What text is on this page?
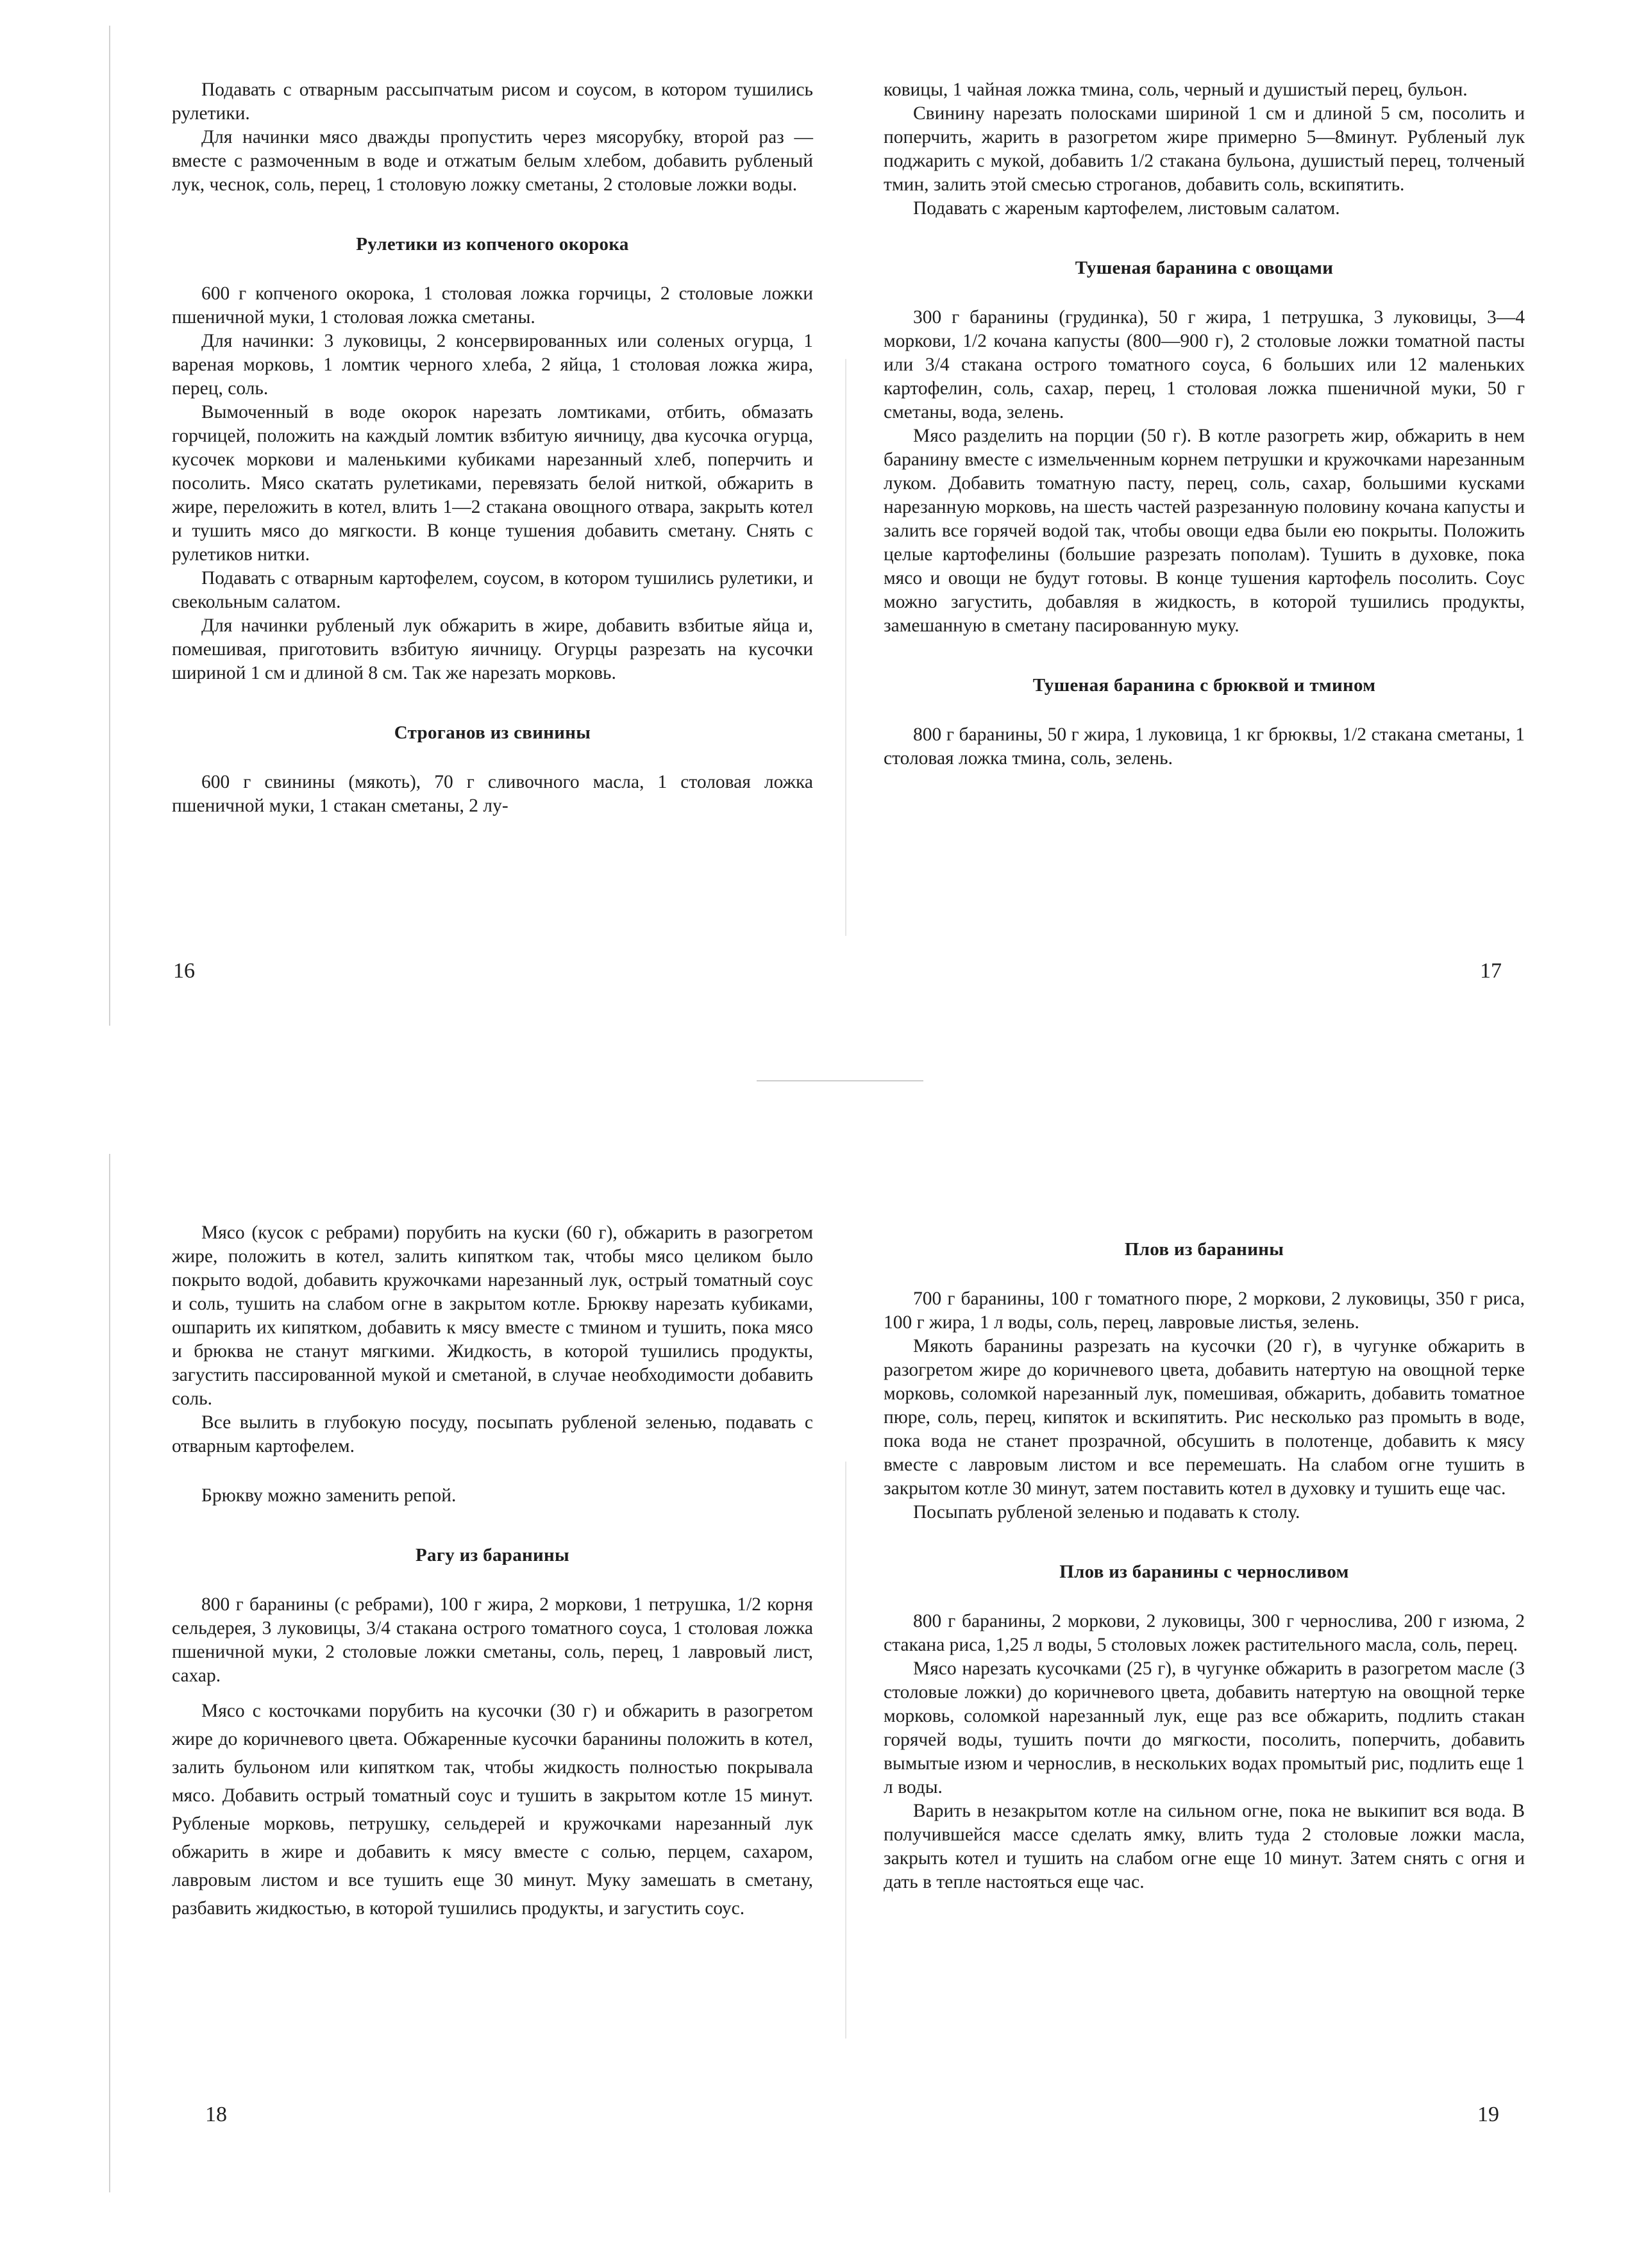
Подавать с отварным рассыпчатым рисом и соусом, в котором тушились рулетики.

Для начинки мясо дважды пропустить через мясорубку, второй раз — вместе с размоченным в воде и отжатым белым хлебом, добавить рубленый лук, чеснок, соль, перец, 1 столовую ложку сметаны, 2 столовые ложки воды.

Рулетики из копченого окорока

600 г копченого окорока, 1 столовая ложка горчицы, 2 столовые ложки пшеничной муки, 1 столовая ложка сметаны.

Для начинки: 3 луковицы, 2 консервированных или соленых огурца, 1 вареная морковь, 1 ломтик черного хлеба, 2 яйца, 1 столовая ложка жира, перец, соль.

Вымоченный в воде окорок нарезать ломтиками, отбить, обмазать горчицей, положить на каждый ломтик взбитую яичницу, два кусочка огурца, кусочек моркови и маленькими кубиками нарезанный хлеб, поперчить и посолить. Мясо скатать рулетиками, перевязать белой ниткой, обжарить в жире, переложить в котел, влить 1—2 стакана овощного отвара, закрыть котел и тушить мясо до мягкости. В конце тушения добавить сметану. Снять с рулетиков нитки.

Подавать с отварным картофелем, соусом, в котором тушились рулетики, и свекольным салатом.

Для начинки рубленый лук обжарить в жире, добавить взбитые яйца и, помешивая, приготовить взбитую яичницу. Огурцы разрезать на кусочки шириной 1 см и длиной 8 см. Так же нарезать морковь.

Строганов из свинины

600 г свинины (мякоть), 70 г сливочного масла, 1 столовая ложка пшеничной муки, 1 стакан сметаны, 2 лу-

16

ковицы, 1 чайная ложка тмина, соль, черный и душистый перец, бульон.

Свинину нарезать полосками шириной 1 см и длиной 5 см, посолить и поперчить, жарить в разогретом жире примерно 5—8минут. Рубленый лук поджарить с мукой, добавить 1/2 стакана бульона, душистый перец, толченый тмин, залить этой смесью строганов, добавить соль, вскипятить.

Подавать с жареным картофелем, листовым салатом.

Тушеная баранина с овощами

300 г баранины (грудинка), 50 г жира, 1 петрушка, 3 луковицы, 3—4 моркови, 1/2 кочана капусты (800—900 г), 2 столовые ложки томатной пасты или 3/4 стакана острого томатного соуса, 6 больших или 12 маленьких картофелин, соль, сахар, перец, 1 столовая ложка пшеничной муки, 50 г сметаны, вода, зелень.

Мясо разделить на порции (50 г). В котле разогреть жир, обжарить в нем баранину вместе с измельченным корнем петрушки и кружочками нарезанным луком. Добавить томатную пасту, перец, соль, сахар, большими кусками нарезанную морковь, на шесть частей разрезанную половину кочана капусты и залить все горячей водой так, чтобы овощи едва были ею покрыты. Положить целые картофелины (большие разрезать пополам). Тушить в духовке, пока мясо и овощи не будут готовы. В конце тушения картофель посолить. Соус можно загустить, добавляя в жидкость, в которой тушились продукты, замешанную в сметану пасированную муку.

Тушеная баранина с брюквой и тмином

800 г баранины, 50 г жира, 1 луковица, 1 кг брюквы, 1/2 стакана сметаны, 1 столовая ложка тмина, соль, зелень.

17

Мясо (кусок с ребрами) порубить на куски (60 г), обжарить в разогретом жире, положить в котел, залить кипятком так, чтобы мясо целиком было покрыто водой, добавить кружочками нарезанный лук, острый томатный соус и соль, тушить на слабом огне в закрытом котле. Брюкву нарезать кубиками, ошпарить их кипятком, добавить к мясу вместе с тмином и тушить, пока мясо и брюква не станут мягкими. Жидкость, в которой тушились продукты, загустить пассированной мукой и сметаной, в случае необходимости добавить соль.

Все вылить в глубокую посуду, посыпать рубленой зеленью, подавать с отварным картофелем.

Брюкву можно заменить репой.

Рагу из баранины

800 г баранины (с ребрами), 100 г жира, 2 моркови, 1 петрушка, 1/2 корня сельдерея, 3 луковицы, 3/4 стакана острого томатного соуса, 1 столовая ложка пшеничной муки, 2 столовые ложки сметаны, соль, перец, 1 лавровый лист, сахар.

Мясо с косточками порубить на кусочки (30 г) и обжарить в разогретом жире до коричневого цвета. Обжаренные кусочки баранины положить в котел, залить бульоном или кипятком так, чтобы жидкость полностью покрывала мясо. Добавить острый томатный соус и тушить в закрытом котле 15 минут. Рубленые морковь, петрушку, сельдерей и кружочками нарезанный лук обжарить в жире и добавить к мясу вместе с солью, перцем, сахаром, лавровым листом и все тушить еще 30 минут. Муку замешать в сметану, разбавить жидкостью, в которой тушились продукты, и загустить соус.

18
Плов из баранины

700 г баранины, 100 г томатного пюре, 2 моркови, 2 луковицы, 350 г риса, 100 г жира, 1 л воды, соль, перец, лавровые листья, зелень.

Мякоть баранины разрезать на кусочки (20 г), в чугунке обжарить в разогретом жире до коричневого цвета, добавить натертую на овощной терке морковь, соломкой нарезанный лук, помешивая, обжарить, добавить томатное пюре, соль, перец, кипяток и вскипятить. Рис несколько раз промыть в воде, пока вода не станет прозрачной, обсушить в полотенце, добавить к мясу вместе с лавровым листом и все перемешать. На слабом огне тушить в закрытом котле 30 минут, затем поставить котел в духовку и тушить еще час.

Посыпать рубленой зеленью и подавать к столу.

Плов из баранины с черносливом

800 г баранины, 2 моркови, 2 луковицы, 300 г чернослива, 200 г изюма, 2 стакана риса, 1,25 л воды, 5 столовых ложек растительного масла, соль, перец.

Мясо нарезать кусочками (25 г), в чугунке обжарить в разогретом масле (3 столовые ложки) до коричневого цвета, добавить натертую на овощной терке морковь, соломкой нарезанный лук, еще раз все обжарить, подлить стакан горячей воды, тушить почти до мягкости, посолить, поперчить, добавить вымытые изюм и чернослив, в нескольких водах промытый рис, подлить еще 1 л воды.

Варить в незакрытом котле на сильном огне, пока не выкипит вся вода. В получившейся массе сделать ямку, влить туда 2 столовые ложки масла, закрыть котел и тушить на слабом огне еще 10 минут. Затем снять с огня и дать в тепле настояться еще час.

19
